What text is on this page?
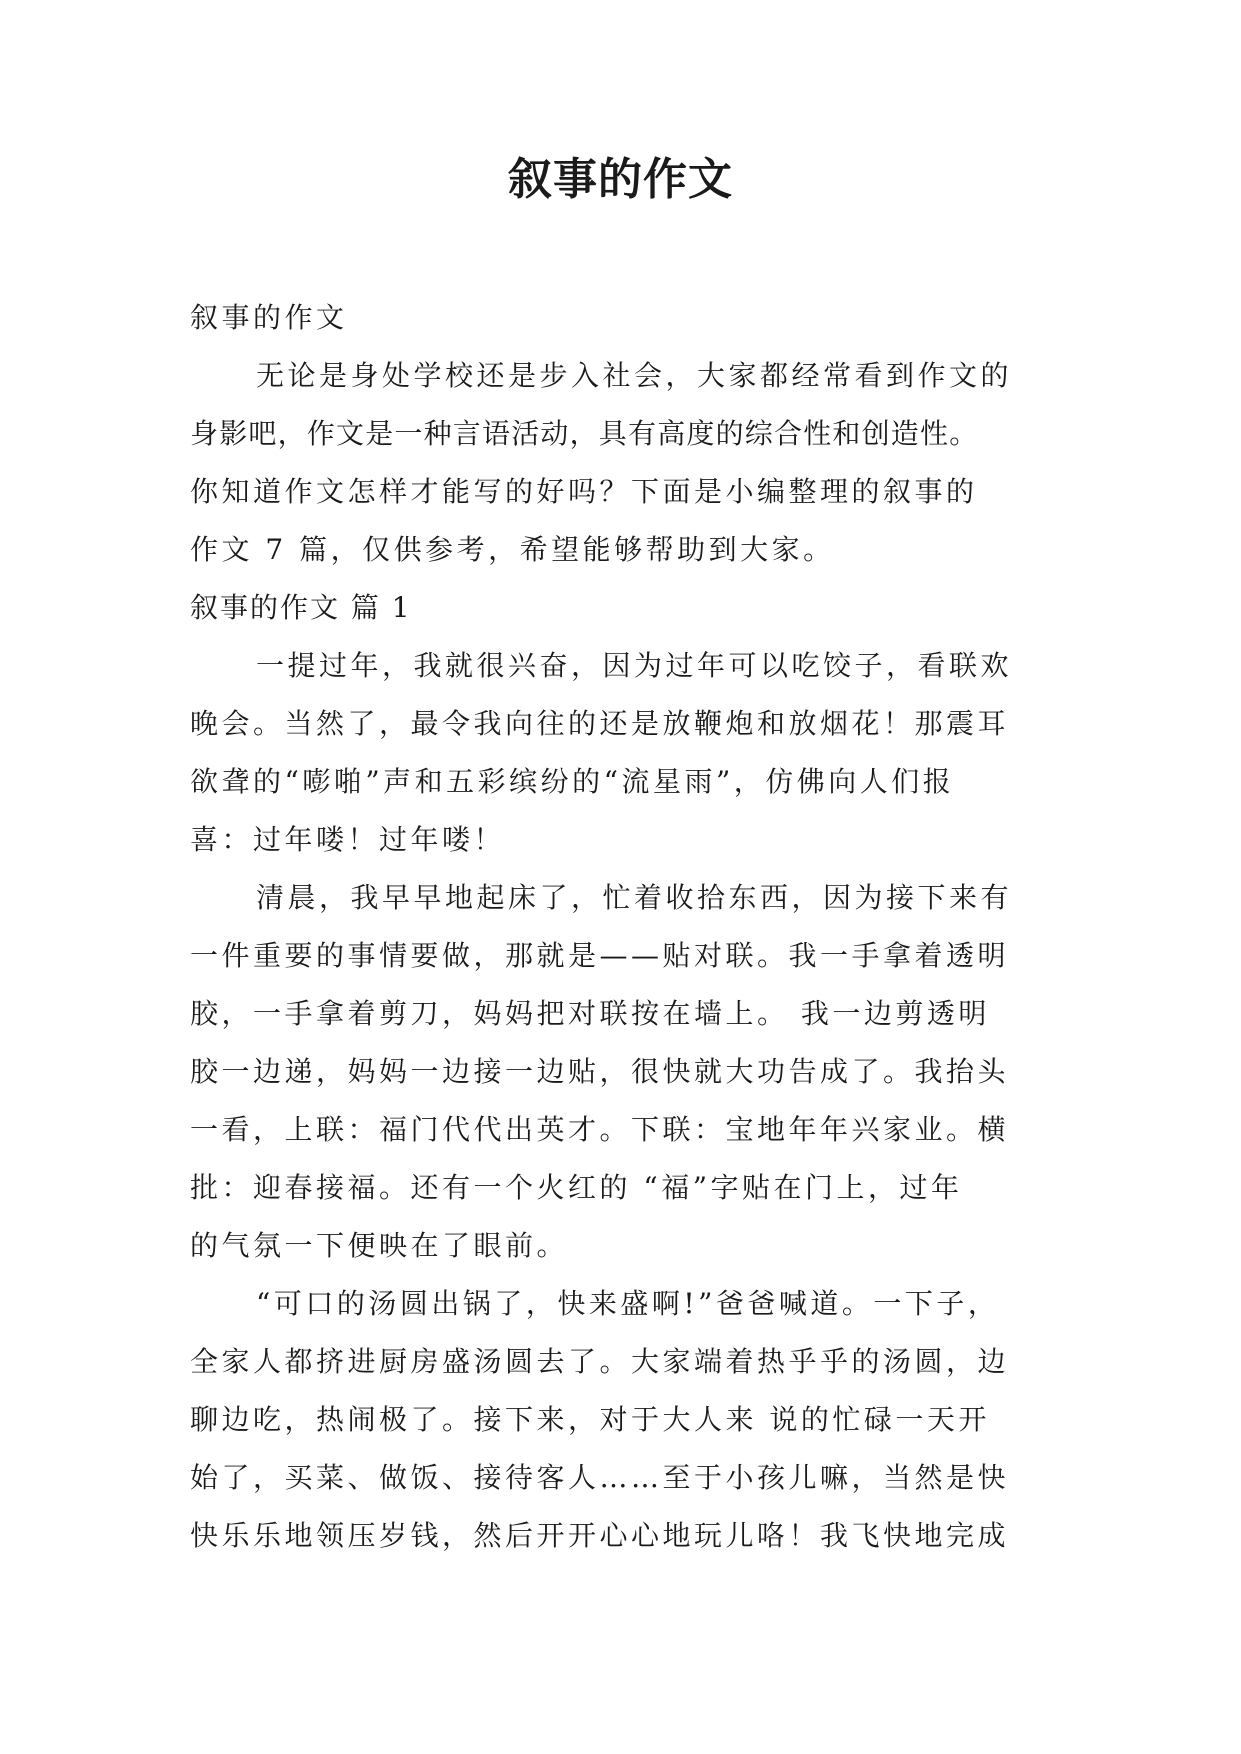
叙事的作文

叙事的作文

无论是身处学校还是步入社会，大家都经常看到作文的
身影吧，作文是一种言语活动，具有高度的综合性和创造性。
你知道作文怎样才能写的好吗？下面是小编整理的叙事的
作文 7 篇，仅供参考，希望能够帮助到大家。

叙事的作文 篇 1

一提过年，我就很兴奋，因为过年可以吃饺子，看联欢
晚会。当然了，最令我向往的还是放鞭炮和放烟花！那震耳
欲聋的“嘭啪”声和五彩缤纷的“流星雨”，仿佛向人们报
喜：过年喽！过年喽！

清晨，我早早地起床了，忙着收拾东西，因为接下来有
一件重要的事情要做，那就是——贴对联。我一手拿着透明
胶，一手拿着剪刀，妈妈把对联按在墙上。 我一边剪透明
胶一边递，妈妈一边接一边贴，很快就大功告成了。我抬头
一看，上联：福门代代出英才。下联：宝地年年兴家业。横
批：迎春接福。还有一个火红的 “福”字贴在门上，过年
的气氛一下便映在了眼前。

“可口的汤圆出锅了，快来盛啊!”爸爸喊道。一下子，
全家人都挤进厨房盛汤圆去了。大家端着热乎乎的汤圆，边
聊边吃，热闹极了。接下来，对于大人来 说的忙碌一天开
始了，买菜、做饭、接待客人……至于小孩儿嘛，当然是快
快乐乐地领压岁钱，然后开开心心地玩儿咯！我飞快地完成
